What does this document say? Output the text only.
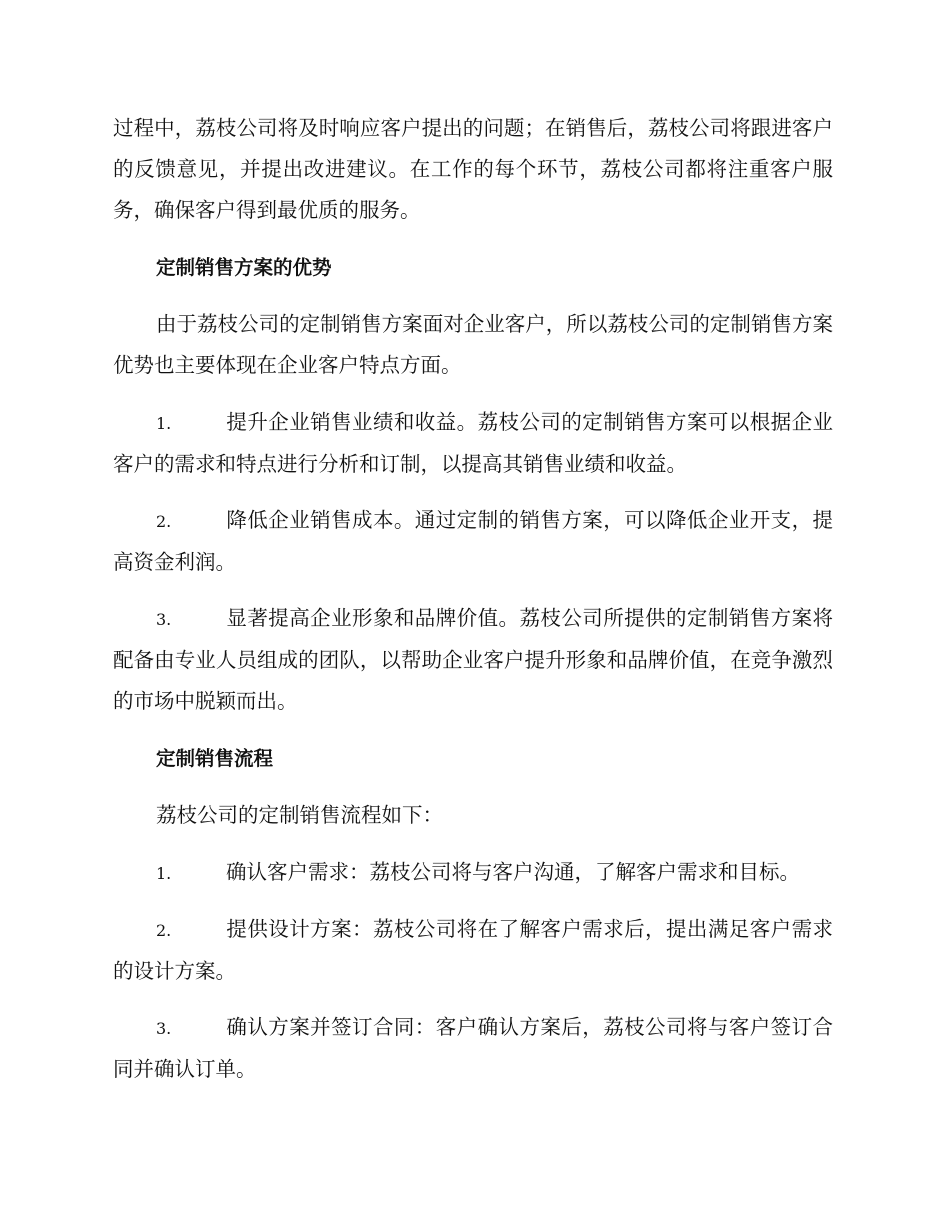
过程中，荔枝公司将及时响应客户提出的问题；在销售后，荔枝公司将跟进客户的反馈意见，并提出改进建议。在工作的每个环节，荔枝公司都将注重客户服务，确保客户得到最优质的服务。

定制销售方案的优势

由于荔枝公司的定制销售方案面对企业客户，所以荔枝公司的定制销售方案优势也主要体现在企业客户特点方面。

1.	提升企业销售业绩和收益。荔枝公司的定制销售方案可以根据企业客户的需求和特点进行分析和订制，以提高其销售业绩和收益。

2.	降低企业销售成本。通过定制的销售方案，可以降低企业开支，提高资金利润。

3.	显著提高企业形象和品牌价值。荔枝公司所提供的定制销售方案将配备由专业人员组成的团队，以帮助企业客户提升形象和品牌价值，在竞争激烈的市场中脱颖而出。

定制销售流程

荔枝公司的定制销售流程如下：

1.	确认客户需求：荔枝公司将与客户沟通，了解客户需求和目标。

2.	提供设计方案：荔枝公司将在了解客户需求后，提出满足客户需求的设计方案。

3.	确认方案并签订合同：客户确认方案后，荔枝公司将与客户签订合同并确认订单。
